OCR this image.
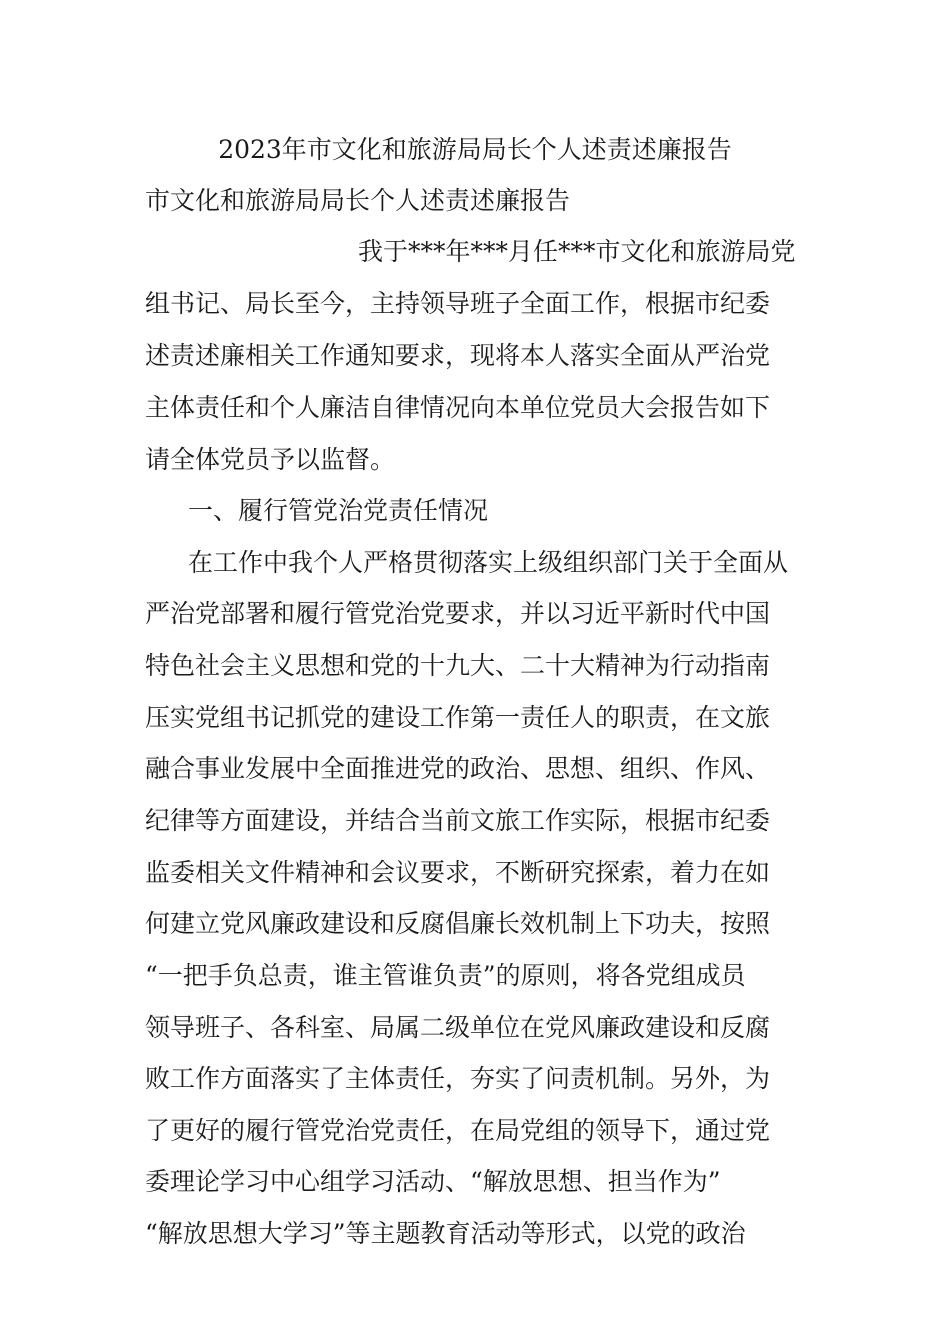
2023年市文化和旅游局局长个人述责述廉报告
市文化和旅游局局长个人述责述廉报告
我于***年***月任***市文化和旅游局党
组书记、局长至今，主持领导班子全面工作，根据市纪委
述责述廉相关工作通知要求，现将本人落实全面从严治党
主体责任和个人廉洁自律情况向本单位党员大会报告如下
请全体党员予以监督。
一、履行管党治党责任情况
在工作中我个人严格贯彻落实上级组织部门关于全面从
严治党部署和履行管党治党要求，并以习近平新时代中国
特色社会主义思想和党的十九大、二十大精神为行动指南
压实党组书记抓党的建设工作第一责任人的职责，在文旅
融合事业发展中全面推进党的政治、思想、组织、作风、
纪律等方面建设，并结合当前文旅工作实际，根据市纪委
监委相关文件精神和会议要求，不断研究探索，着力在如
何建立党风廉政建设和反腐倡廉长效机制上下功夫，按照
“一把手负总责，谁主管谁负责”的原则，将各党组成员
领导班子、各科室、局属二级单位在党风廉政建设和反腐
败工作方面落实了主体责任，夯实了问责机制。另外，为
了更好的履行管党治党责任，在局党组的领导下，通过党
委理论学习中心组学习活动、“解放思想、担当作为”
“解放思想大学习”等主题教育活动等形式，以党的政治
